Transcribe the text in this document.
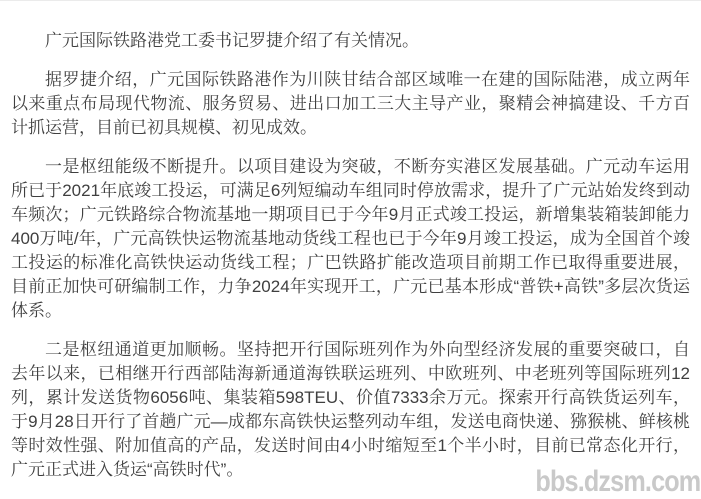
广元国际铁路港党工委书记罗捷介绍了有关情况。

据罗捷介绍，广元国际铁路港作为川陕甘结合部区域唯一在建的国际陆港，成立两年以来重点布局现代物流、服务贸易、进出口加工三大主导产业，聚精会神搞建设、千方百计抓运营，目前已初具规模、初见成效。

一是枢纽能级不断提升。以项目建设为突破，不断夯实港区发展基础。广元动车运用所已于2021年底竣工投运，可满足6列短编动车组同时停放需求，提升了广元站始发终到动车频次；广元铁路综合物流基地一期项目已于今年9月正式竣工投运，新增集装箱装卸能力400万吨/年，广元高铁快运物流基地动货线工程也已于今年9月竣工投运，成为全国首个竣工投运的标准化高铁快运动货线工程；广巴铁路扩能改造项目前期工作已取得重要进展，目前正加快可研编制工作，力争2024年实现开工，广元已基本形成“普铁+高铁”多层次货运体系。

二是枢纽通道更加顺畅。坚持把开行国际班列作为外向型经济发展的重要突破口，自去年以来，已相继开行西部陆海新通道海铁联运班列、中欧班列、中老班列等国际班列12列，累计发送货物6056吨、集装箱598TEU、价值7333余万元。探索开行高铁货运列车，于9月28日开行了首趟广元—成都东高铁快运整列动车组，发送电商快递、猕猴桃、鲜核桃等时效性强、附加值高的产品，发送时间由4小时缩短至1个半小时，目前已常态化开行，广元正式进入货运“高铁时代”。	bbs.dzsm.com
